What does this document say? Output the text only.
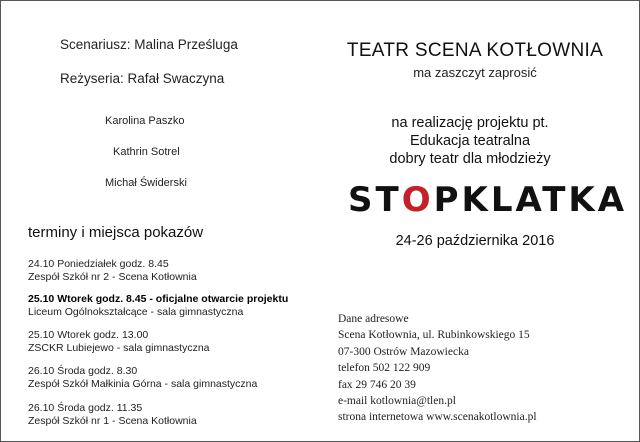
Scenariusz: Malina Prześluga
Reżyseria: Rafał Swaczyna
Karolina Paszko
Kathrin Sotrel
Michał Świderski
terminy i miejsca pokazów
24.10 Poniedziałek godz. 8.45
Zespół Szkół nr 2 - Scena Kotłownia
25.10 Wtorek godz. 8.45 - oficjalne otwarcie projektu
Liceum Ogólnokształcące - sala gimnastyczna
25.10 Wtorek godz. 13.00
ZSCKR Lubiejewo - sala gimnastyczna
26.10 Środa godz. 8.30
Zespół Szkół Małkinia Górna - sala gimnastyczna
26.10 Środa godz. 11.35
Zespół Szkół nr 1 - Scena Kotłownia
TEATR SCENA KOTŁOWNIA
ma zaszczyt zaprosić
na realizację projektu pt.
Edukacja teatralna
dobry teatr dla młodzieży
STOPKLATKA
24-26 października 2016
Dane adresowe
Scena Kotłownia, ul. Rubinkowskiego 15
07-300 Ostrów Mazowiecka
telefon 502 122 909
fax 29 746 20 39
e-mail kotlownia@tlen.pl
strona internetowa www.scenakotlownia.pl
